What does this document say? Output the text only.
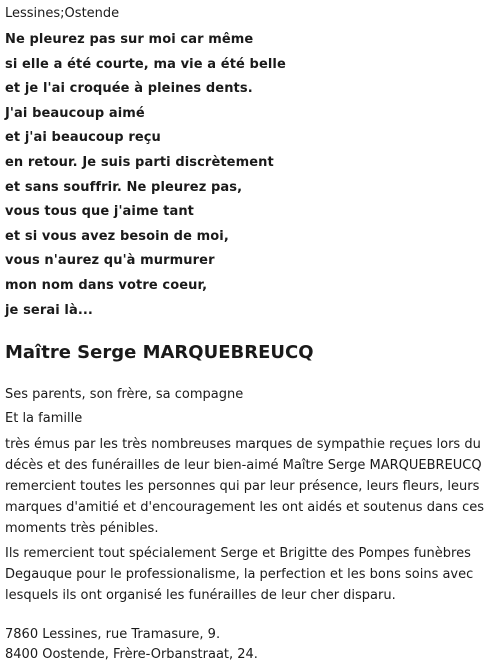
Lessines;Ostende
Ne pleurez pas sur moi car même
si elle a été courte, ma vie a été belle
et je l'ai croquée à pleines dents.
J'ai beaucoup aimé
et j'ai beaucoup reçu
en retour. Je suis parti discrètement
et sans souffrir. Ne pleurez pas,
vous tous que j'aime tant
et si vous avez besoin de moi,
vous n'aurez qu'à murmurer
mon nom dans votre coeur,
je serai là...
Maître Serge MARQUEBREUCQ

Ses parents, son frère, sa compagne

Et la famille

très émus par les très nombreuses marques de sympathie reçues lors du
décès et des funérailles de leur bien-aimé Maître Serge MARQUEBREUCQ

remercient toutes les personnes qui par leur présence, leurs fleurs, leurs marques d'amitié et d'encouragement les ont aidés et soutenus dans ces moments très pénibles.

Ils remercient tout spécialement Serge et Brigitte des Pompes funèbres Degauque pour le professionalisme, la perfection et les bons soins avec lesquels ils ont organisé les funérailles de leur cher disparu.

7860 Lessines, rue Tramasure, 9.

8400 Oostende, Frère-Orbanstraat, 24.
